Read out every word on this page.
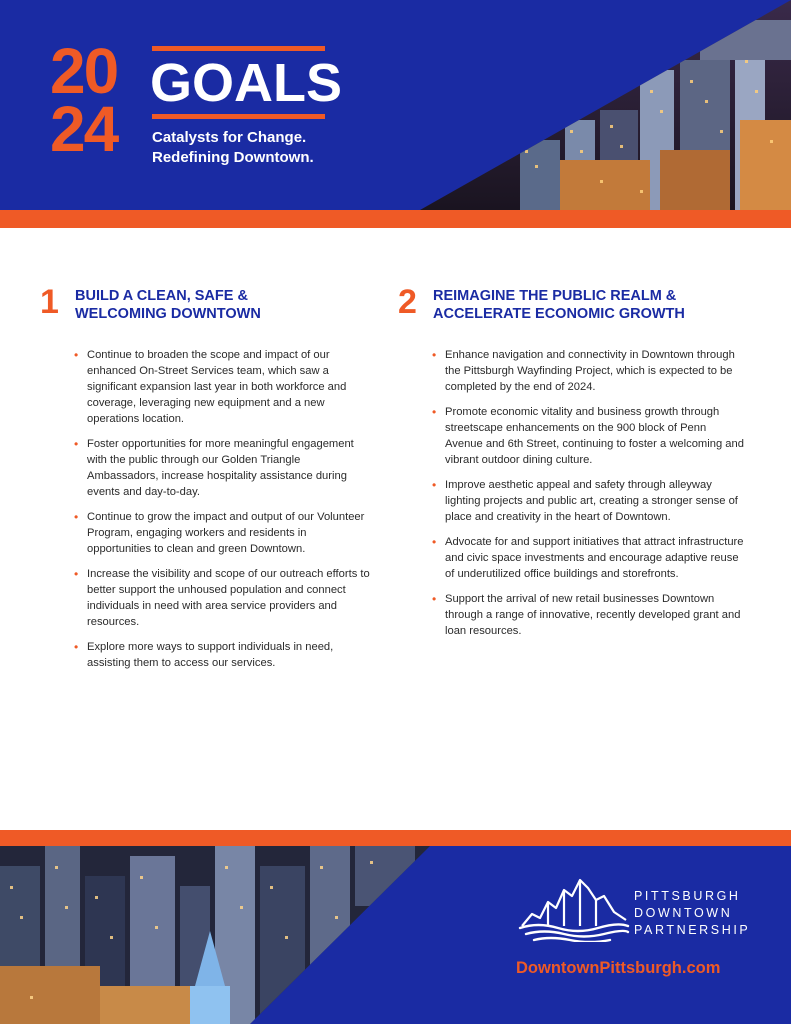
20
24
GOALS
Catalysts for Change.
Redefining Downtown.
1 BUILD A CLEAN, SAFE &
WELCOMING DOWNTOWN
• Continue to broaden the scope and impact of our enhanced On-Street Services team, which saw a significant expansion last year in both workforce and coverage, leveraging new equipment and a new operations location.
• Foster opportunities for more meaningful engagement with the public through our Golden Triangle Ambassadors, increase hospitality assistance during events and day-to-day.
• Continue to grow the impact and output of our Volunteer Program, engaging workers and residents in opportunities to clean and green Downtown.
• Increase the visibility and scope of our outreach efforts to better support the unhoused population and connect individuals in need with area service providers and resources.
• Explore more ways to support individuals in need, assisting them to access our services.
2 REIMAGINE THE PUBLIC REALM &
ACCELERATE ECONOMIC GROWTH
• Enhance navigation and connectivity in Downtown through the Pittsburgh Wayfinding Project, which is expected to be completed by the end of 2024.
• Promote economic vitality and business growth through streetscape enhancements on the 900 block of Penn Avenue and 6th Street, continuing to foster a welcoming and vibrant outdoor dining culture.
• Improve aesthetic appeal and safety through alleyway lighting projects and public art, creating a stronger sense of place and creativity in the heart of Downtown.
• Advocate for and support initiatives that attract infrastructure and civic space investments and encourage adaptive reuse of underutilized office buildings and storefronts.
• Support the arrival of new retail businesses Downtown through a range of innovative, recently developed grant and loan resources.
PITTSBURGH
DOWNTOWN
PARTNERSHIP
DowntownPittsburgh.com
